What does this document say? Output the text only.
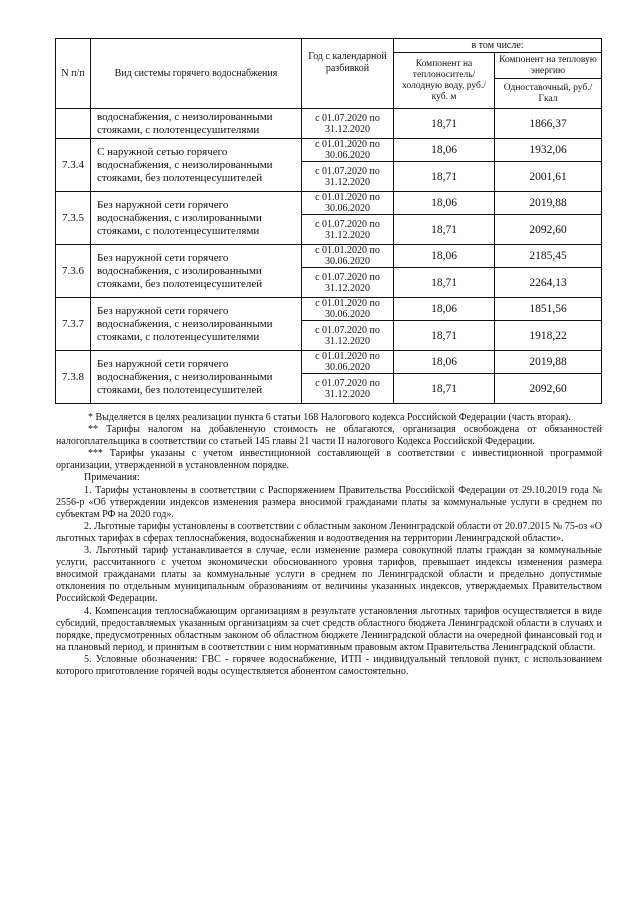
N п/п	Вид системы горячего водоснабжения	Год с календарной разбивкой	в том числе:	
			Компонент на теплоноситель/ холодную воду, руб./куб. м	Компонент на тепловую энергию
				Одноставочный, руб./Гкал
	водоснабжения, с неизолированными стояками, с полотенцесушителями	с 01.07.2020 по 31.12.2020	18,71	1866,37
7.3.4	С наружной сетью горячего водоснабжения, с неизолированными стояками, без полотенцесушителей	с 01.01.2020 по 30.06.2020	18,06	1932,06
		с 01.07.2020 по 31.12.2020	18,71	2001,61
7.3.5	Без наружной сети горячего водоснабжения, с изолированными стояками, с полотенцесушителями	с 01.01.2020 по 30.06.2020	18,06	2019,88
		с 01.07.2020 по 31.12.2020	18,71	2092,60
7.3.6	Без наружной сети горячего водоснабжения, с изолированными стояками, без полотенцесушителей	с 01.01.2020 по 30.06.2020	18,06	2185,45
		с 01.07.2020 по 31.12.2020	18,71	2264,13
7.3.7	Без наружной сети горячего водоснабжения, с неизолированными стояками, с полотенцесушителями	с 01.01.2020 по 30.06.2020	18,06	1851,56
		с 01.07.2020 по 31.12.2020	18,71	1918,22
7.3.8	Без наружной сети горячего водоснабжения, с неизолированными стояками, без полотенцесушителей	с 01.01.2020 по 30.06.2020	18,06	2019,88
		с 01.07.2020 по 31.12.2020	18,71	2092,60

* Выделяется в целях реализации пункта 6 статьи 168 Налогового кодекса Российской Федерации (часть вторая).

** Тарифы налогом на добавленную стоимость не облагаются, организация освобождена от обязанностей налогоплательщика в соответствии со статьей 145 главы 21 части II налогового Кодекса Российской Федерации.

*** Тарифы указаны с учетом инвестиционной составляющей в соответствии с инвестиционной программой организации, утвержденной в установленном порядке.

Примечания:

1. Тарифы установлены в соответствии с Распоряжением Правительства Российской Федерации от 29.10.2019 года № 2556-р «Об утверждении индексов изменения размера вносимой гражданами платы за коммунальные услуги в среднем по субъектам РФ на 2020 год».

2. Льготные тарифы установлены в соответствии с областным законом Ленинградской области от 20.07.2015 № 75-оз «О льготных тарифах в сферах теплоснабжения, водоснабжения и водоотведения на территории Ленинградской области».

3. Льготный тариф устанавливается в случае, если изменение размера совокупной платы граждан за коммунальные услуги, рассчитанного с учетом экономически обоснованного уровня тарифов, превышает индексы изменения размера вносимой гражданами платы за коммунальные услуги в среднем по Ленинградской области и предельно допустимые отклонения по отдельным муниципальным образованиям от величины указанных индексов, утверждаемых Правительством Российской Федерации.

4. Компенсация теплоснабжающим организациям в результате установления льготных тарифов осуществляется в виде субсидий, предоставляемых указанным организациям за счет средств областного бюджета Ленинградской области в случаях и порядке, предусмотренных областным законом об областном бюджете Ленинградской области на очередной финансовый год и на плановый период, и принятым в соответствии с ним нормативным правовым актом Правительства Ленинградской области.

5. Условные обозначения: ГВС - горячее водоснабжение, ИТП - индивидуальный тепловой пункт, с использованием которого приготовление горячей воды осуществляется абонентом самостоятельно.
